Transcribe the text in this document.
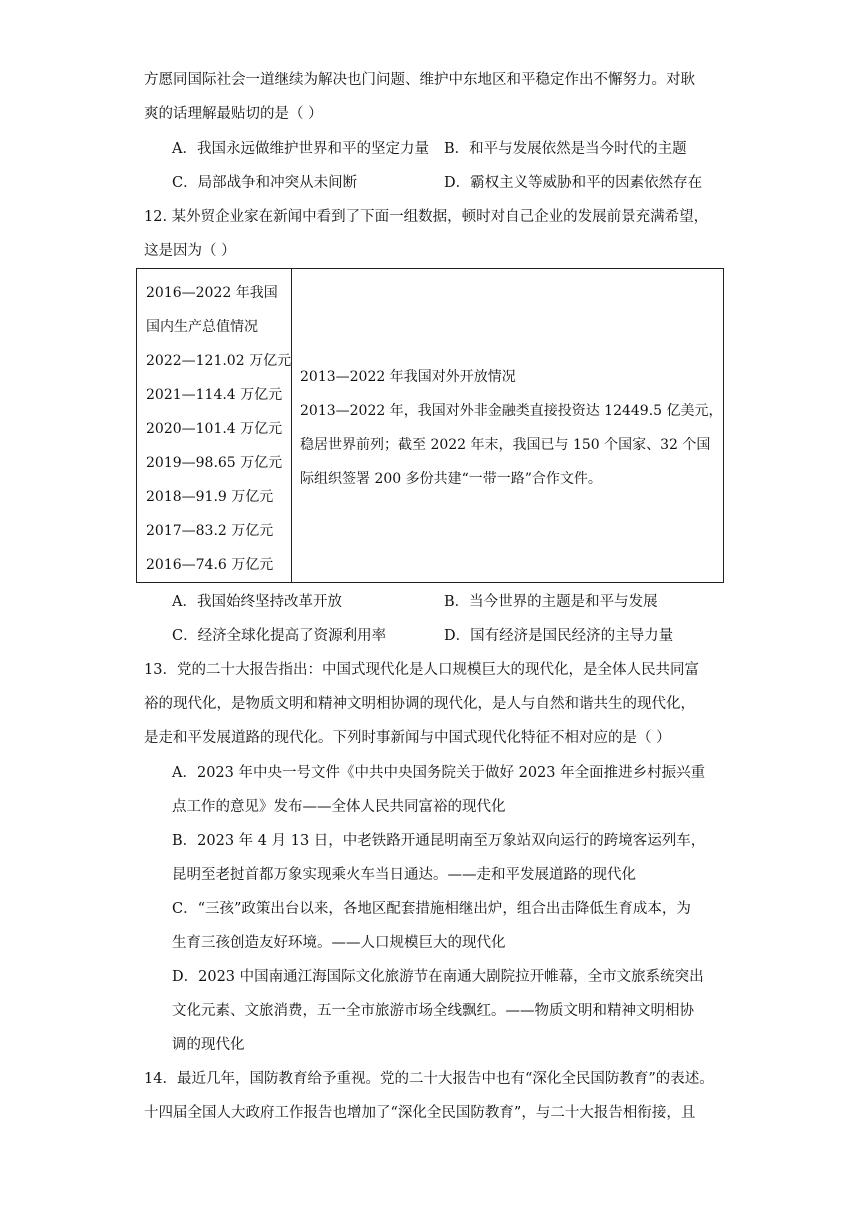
方愿同国际社会一道继续为解决也门问题、维护中东地区和平稳定作出不懈努力。对耿
爽的话理解最贴切的是（ ）
A．我国永远做维护世界和平的坚定力量 B．和平与发展依然是当今时代的主题
C．局部战争和冲突从未间断	D．霸权主义等威胁和平的因素依然存在
12. 某外贸企业家在新闻中看到了下面一组数据，顿时对自己企业的发展前景充满希望，
这是因为（ ）
2016—2022 年我国
国内生产总值情况
2022—121.02 万亿元
2021—114.4 万亿元
2020—101.4 万亿元
2019—98.65 万亿元
2018—91.9 万亿元
2017—83.2 万亿元
2016—74.6 万亿元
2013—2022 年我国对外开放情况
2013—2022 年，我国对外非金融类直接投资达 12449.5 亿美元，
稳居世界前列；截至 2022 年末，我国已与 150 个国家、32 个国
际组织签署 200 多份共建“一带一路”合作文件。
A．我国始终坚持改革开放	B．当今世界的主题是和平与发展
C．经济全球化提高了资源利用率	D．国有经济是国民经济的主导力量
13．党的二十大报告指出：中国式现代化是人口规模巨大的现代化，是全体人民共同富
裕的现代化，是物质文明和精神文明相协调的现代化，是人与自然和谐共生的现代化，
是走和平发展道路的现代化。下列时事新闻与中国式现代化特征不相对应的是（ ）
A．2023 年中央一号文件《中共中央国务院关于做好 2023 年全面推进乡村振兴重
点工作的意见》发布——全体人民共同富裕的现代化
B．2023 年 4 月 13 日，中老铁路开通昆明南至万象站双向运行的跨境客运列车，
昆明至老挝首都万象实现乘火车当日通达。——走和平发展道路的现代化
C．“三孩”政策出台以来，各地区配套措施相继出炉，组合出击降低生育成本，为
生育三孩创造友好环境。——人口规模巨大的现代化
D．2023 中国南通江海国际文化旅游节在南通大剧院拉开帷幕，全市文旅系统突出
文化元素、文旅消费，五一全市旅游市场全线飘红。——物质文明和精神文明相协
调的现代化
14．最近几年，国防教育给予重视。党的二十大报告中也有“深化全民国防教育”的表述。
十四届全国人大政府工作报告也增加了“深化全民国防教育”，与二十大报告相衔接，且
